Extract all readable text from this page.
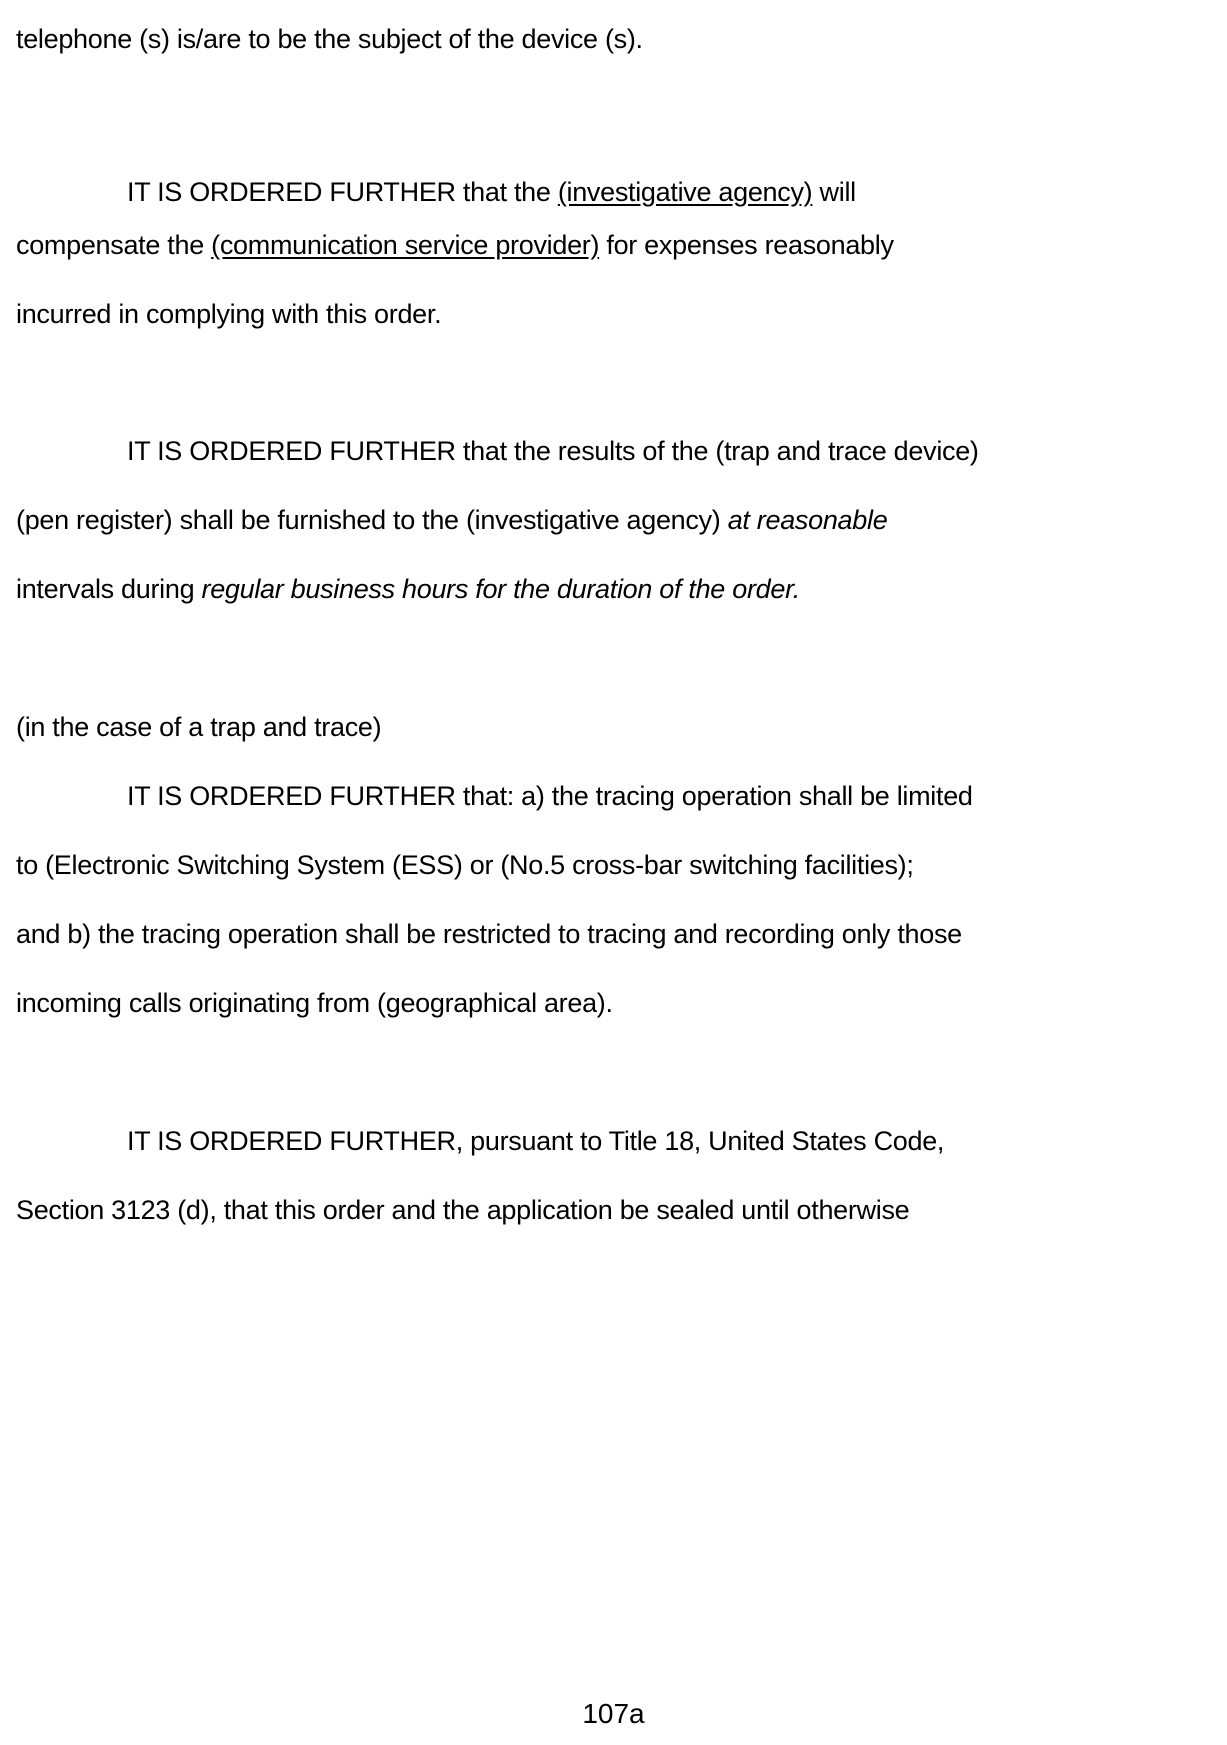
telephone (s) is/are to be the subject of the device (s).
IT IS ORDERED FURTHER that the (investigative agency) will
compensate the (communication service provider) for expenses reasonably
incurred in complying with this order.
IT IS ORDERED FURTHER that the results of the (trap and trace device)
(pen register) shall be furnished to the (investigative agency) at reasonable
intervals during regular business hours for the duration of the order.
(in the case of a trap and trace)
IT IS ORDERED FURTHER that: a) the tracing operation shall be limited
to (Electronic Switching System (ESS) or (No.5 cross-bar switching facilities);
and b) the tracing operation shall be restricted to tracing and recording only those
incoming calls originating from (geographical area).
IT IS ORDERED FURTHER, pursuant to Title 18, United States Code,
Section 3123 (d), that this order and the application be sealed until otherwise
107a
